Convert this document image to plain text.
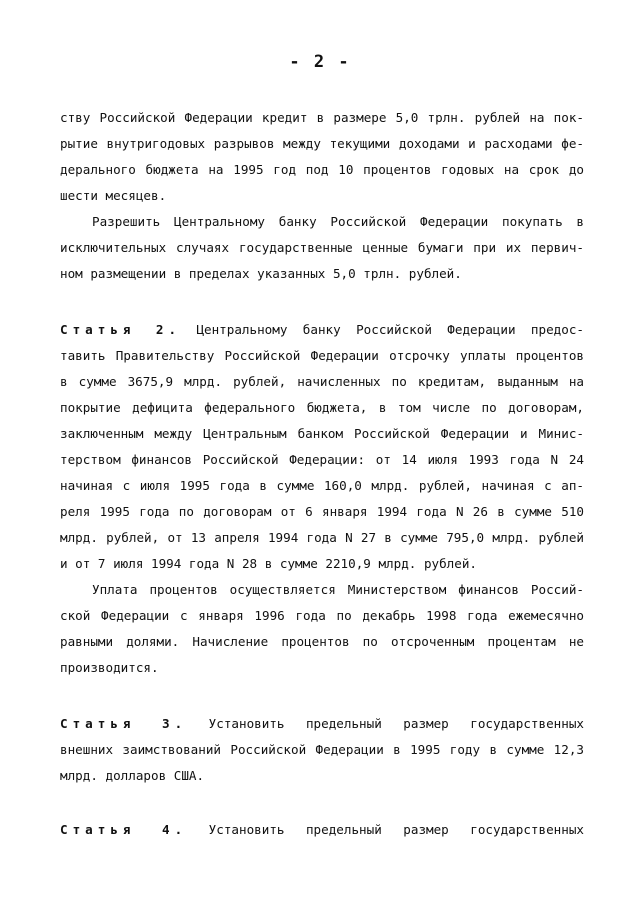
- 2 -
ству Российской Федерации кредит в размере 5,0 трлн. рублей на пок-
рытие внутригодовых разрывов между текущими доходами и расходами фе-
дерального бюджета на 1995 год под 10 процентов годовых на срок до
шести месяцев.
Разрешить Центральному банку Российской Федерации покупать в
исключительных случаях государственные ценные бумаги при их первич-
ном размещении в пределах указанных 5,0 трлн. рублей.
Статья 2. Центральному банку Российской Федерации предос-
тавить Правительству Российской Федерации отсрочку уплаты процентов
в сумме 3675,9 млрд. рублей, начисленных по кредитам, выданным на
покрытие дефицита федерального бюджета, в том числе по договорам,
заключенным между Центральным банком Российской Федерации и Минис-
терством финансов Российской Федерации: от 14 июля 1993 года N 24
начиная с июля 1995 года в сумме 160,0 млрд. рублей, начиная с ап-
реля 1995 года по договорам от 6 января 1994 года N 26 в сумме 510
млрд. рублей, от 13 апреля 1994 года N 27 в сумме 795,0 млрд. рублей
и от 7 июля 1994 года N 28 в сумме 2210,9 млрд. рублей.
Уплата процентов осуществляется Министерством финансов Россий-
ской Федерации с января 1996 года по декабрь 1998 года ежемесячно
равными долями. Начисление процентов по отсроченным процентам не
производится.
Статья 3. Установить предельный размер государственных
внешних заимствований Российской Федерации в 1995 году в сумме 12,3
млрд. долларов США.
Статья 4. Установить предельный размер государственных
